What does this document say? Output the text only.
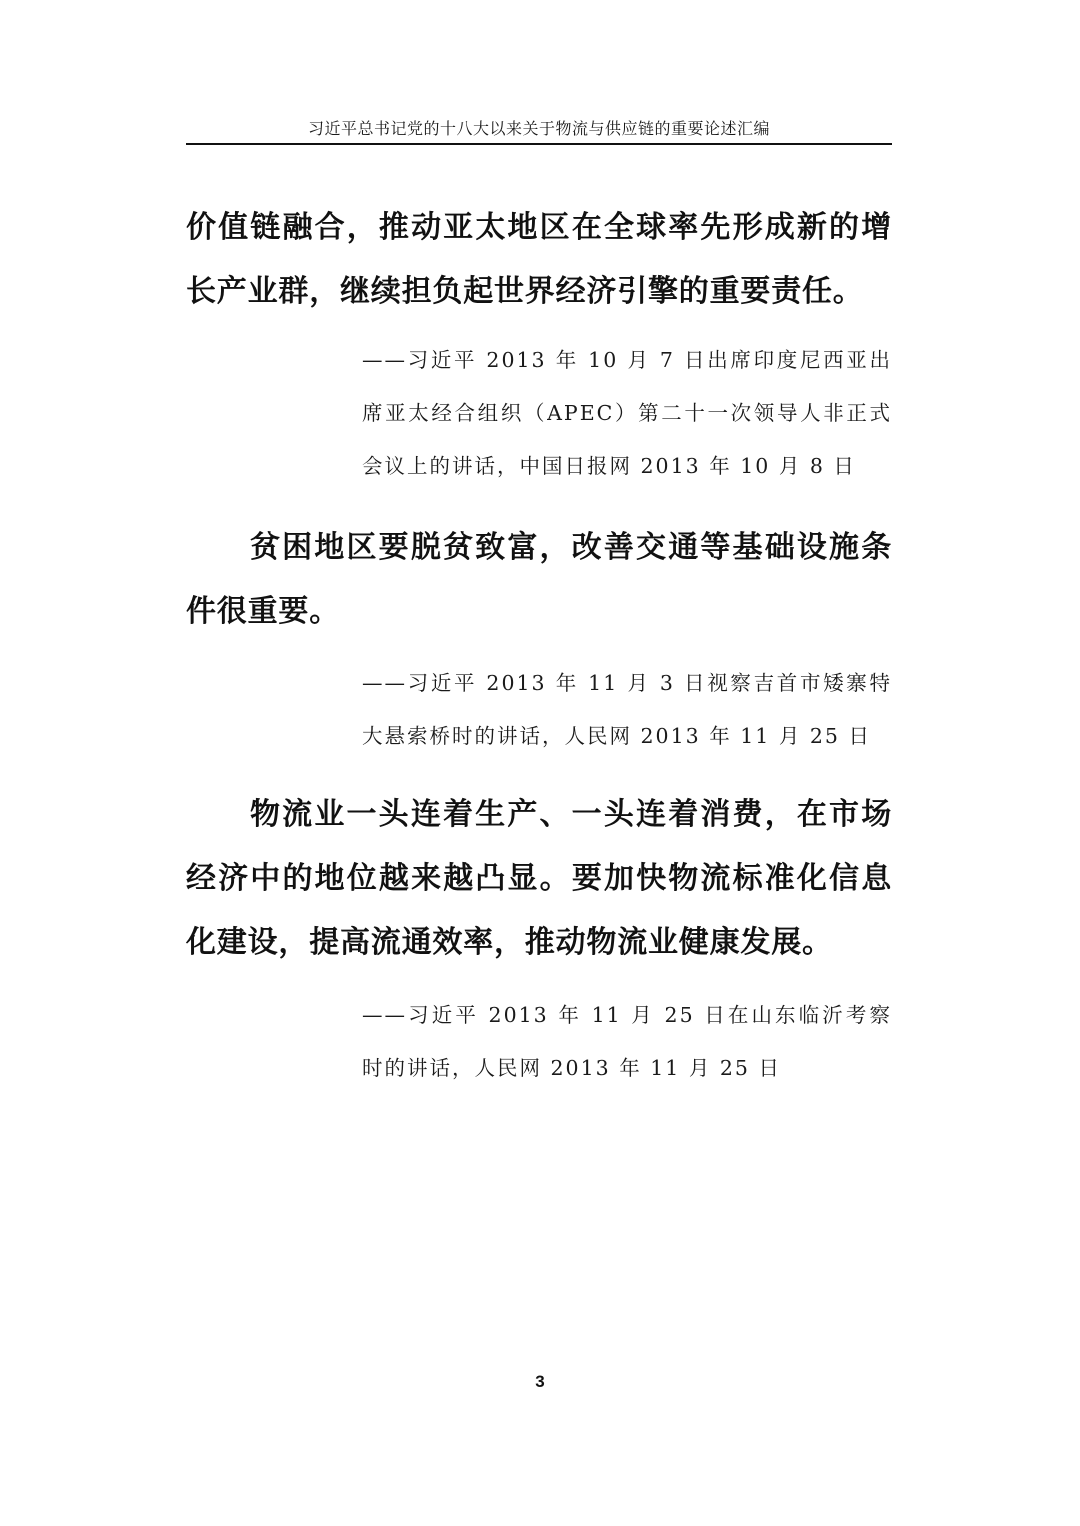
习近平总书记党的十八大以来关于物流与供应链的重要论述汇编
价值链融合，推动亚太地区在全球率先形成新的增长产业群，继续担负起世界经济引擎的重要责任。
——习近平 2013 年 10 月 7 日出席印度尼西亚出席亚太经合组织（APEC）第二十一次领导人非正式会议上的讲话，中国日报网 2013 年 10 月 8 日
贫困地区要脱贫致富，改善交通等基础设施条件很重要。
——习近平 2013 年 11 月 3 日视察吉首市矮寨特大悬索桥时的讲话，人民网 2013 年 11 月 25 日
物流业一头连着生产、一头连着消费，在市场经济中的地位越来越凸显。要加快物流标准化信息化建设，提高流通效率，推动物流业健康发展。
——习近平 2013 年 11 月 25 日在山东临沂考察时的讲话，人民网 2013 年 11 月 25 日
3
